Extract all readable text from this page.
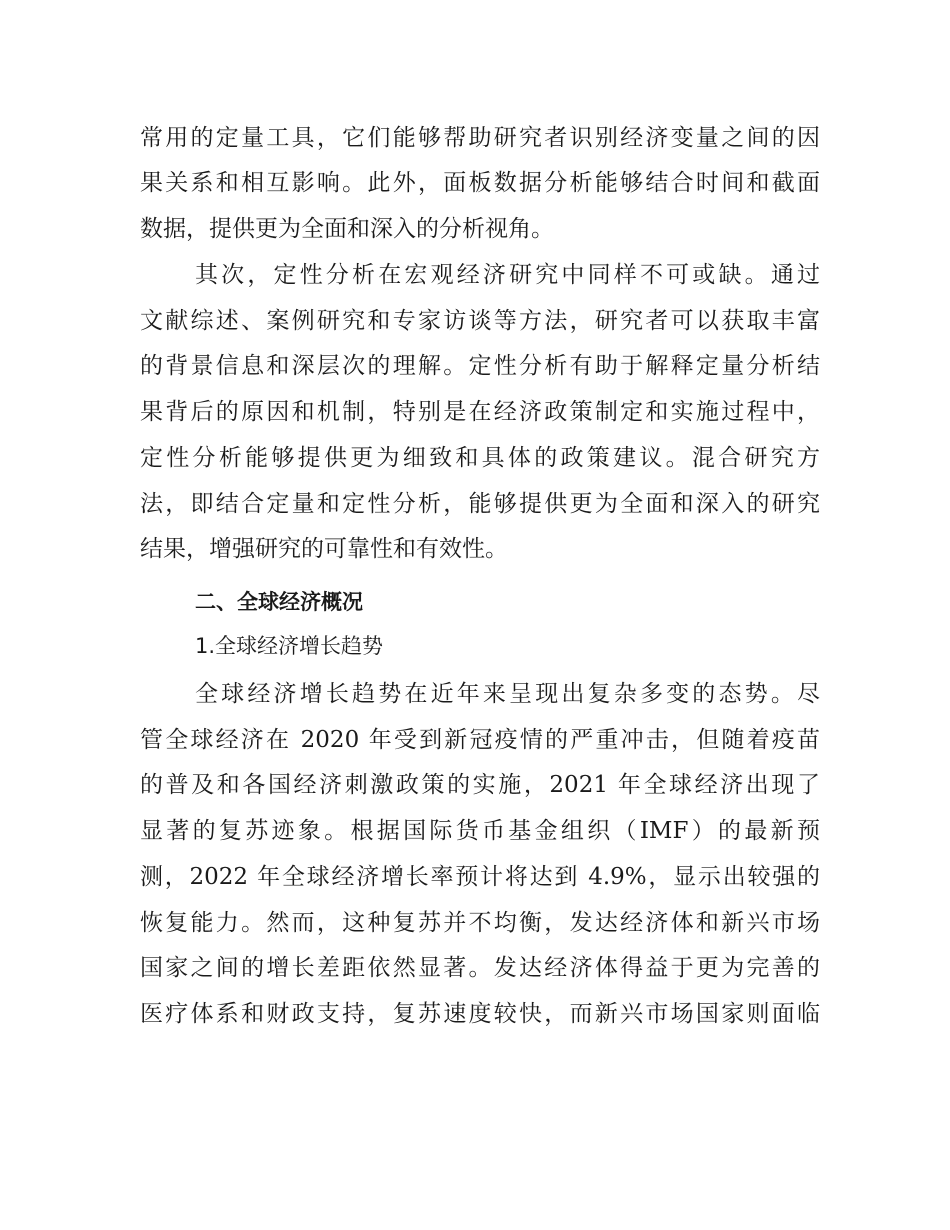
常用的定量工具，它们能够帮助研究者识别经济变量之间的因
果关系和相互影响。此外，面板数据分析能够结合时间和截面
数据，提供更为全面和深入的分析视角。
其次，定性分析在宏观经济研究中同样不可或缺。通过
文献综述、案例研究和专家访谈等方法，研究者可以获取丰富
的背景信息和深层次的理解。定性分析有助于解释定量分析结
果背后的原因和机制，特别是在经济政策制定和实施过程中，
定性分析能够提供更为细致和具体的政策建议。混合研究方
法，即结合定量和定性分析，能够提供更为全面和深入的研究
结果，增强研究的可靠性和有效性。
二、全球经济概况
1.全球经济增长趋势
全球经济增长趋势在近年来呈现出复杂多变的态势。尽
管全球经济在 2020 年受到新冠疫情的严重冲击，但随着疫苗
的普及和各国经济刺激政策的实施，2021 年全球经济出现了
显著的复苏迹象。根据国际货币基金组织（IMF）的最新预
测，2022 年全球经济增长率预计将达到 4.9%，显示出较强的
恢复能力。然而，这种复苏并不均衡，发达经济体和新兴市场
国家之间的增长差距依然显著。发达经济体得益于更为完善的
医疗体系和财政支持，复苏速度较快，而新兴市场国家则面临
